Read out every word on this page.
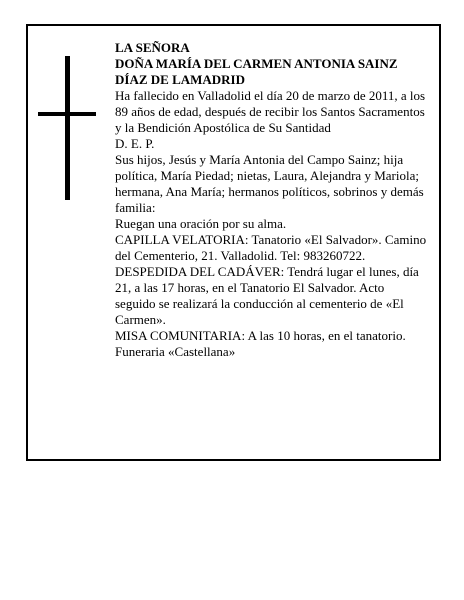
LA SEÑORA

DOÑA MARÍA DEL CARMEN ANTONIA SAINZ DÍAZ DE LAMADRID

Ha fallecido en Valladolid el día 20 de marzo de 2011, a los 89 años de edad, después de recibir los Santos Sacramentos y la Bendición Apostólica de Su Santidad

D. E. P.

Sus hijos, Jesús y María Antonia del Campo Sainz; hija política, María Piedad; nietas, Laura, Alejandra y Mariola; hermana, Ana María; hermanos políticos, sobrinos y demás familia:

Ruegan una oración por su alma.

CAPILLA VELATORIA: Tanatorio «El Salvador». Camino del Cementerio, 21. Valladolid. Tel: 983260722.

DESPEDIDA DEL CADÁVER: Tendrá lugar el lunes, día 21, a las 17 horas, en el Tanatorio El Salvador. Acto seguido se realizará la conducción al cementerio de «El Carmen».

MISA COMUNITARIA: A las 10 horas, en el tanatorio.

Funeraria «Castellana»
